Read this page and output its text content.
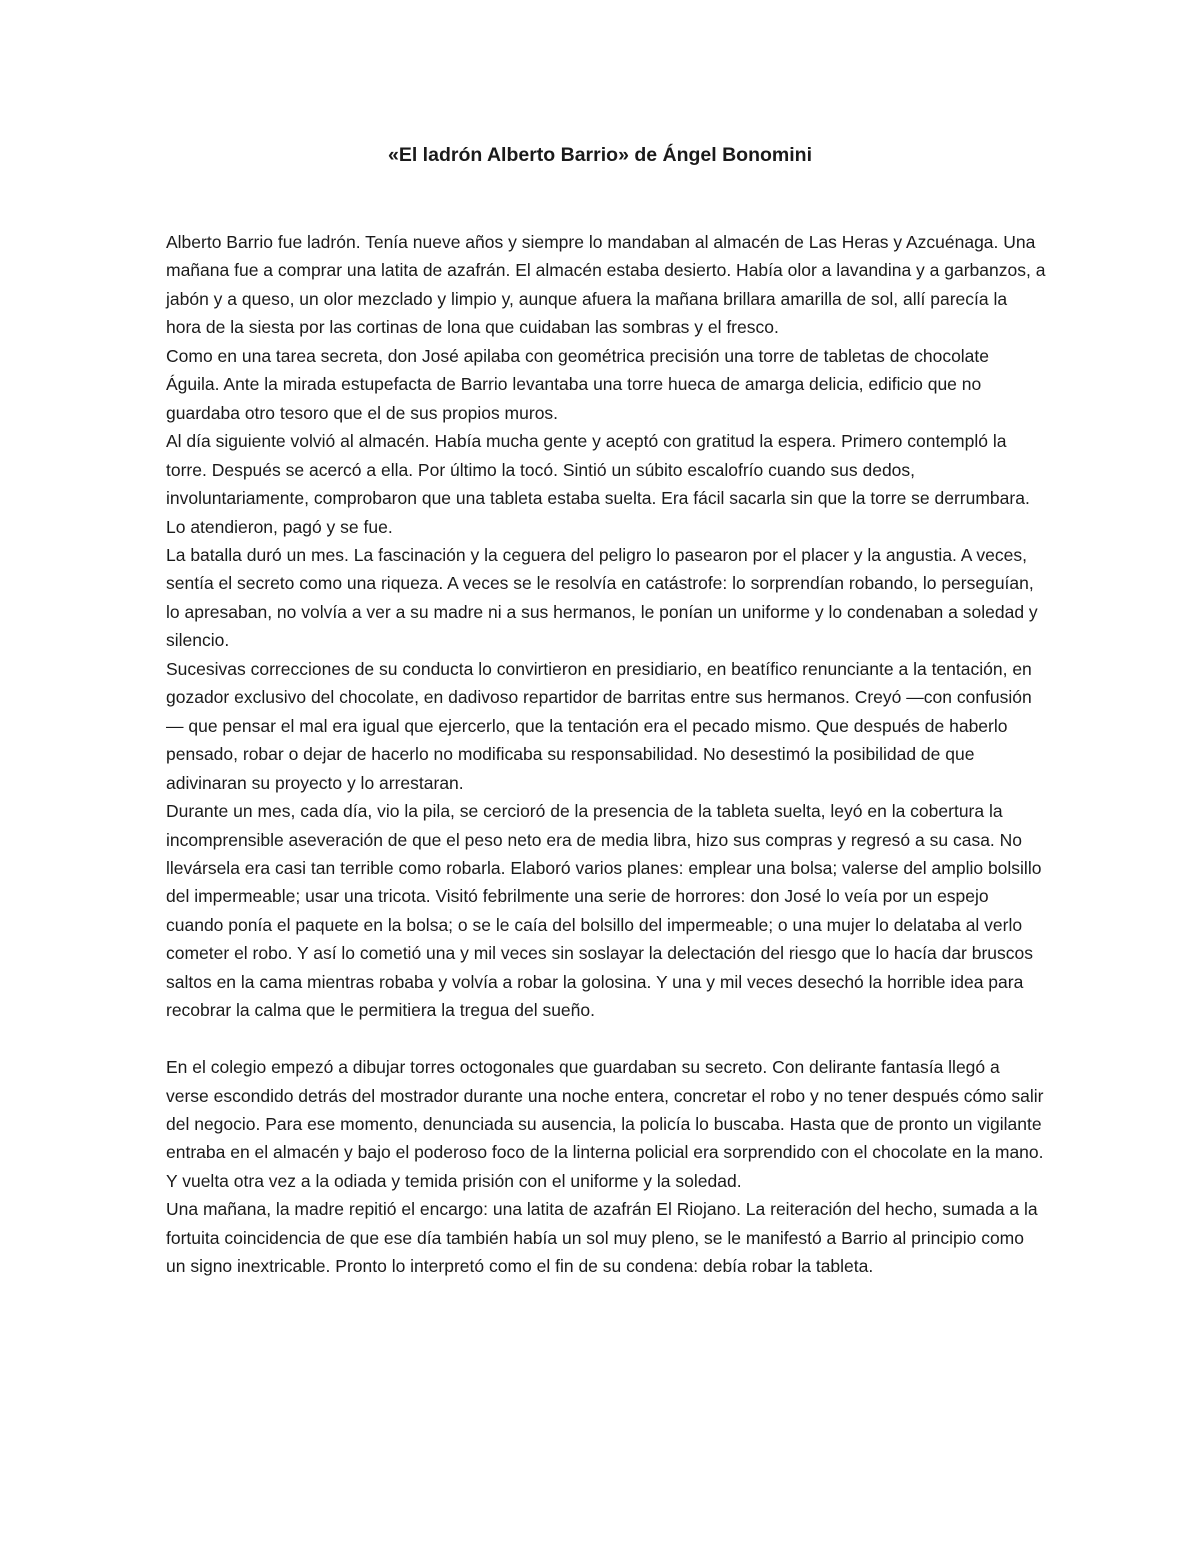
«El ladrón Alberto Barrio» de Ángel Bonomini

Alberto Barrio fue ladrón. Tenía nueve años y siempre lo mandaban al almacén de Las Heras y Azcuénaga. Una mañana fue a comprar una latita de azafrán. El almacén estaba desierto. Había olor a lavandina y a garbanzos, a jabón y a queso, un olor mezclado y limpio y, aunque afuera la mañana brillara amarilla de sol, allí parecía la hora de la siesta por las cortinas de lona que cuidaban las sombras y el fresco.

Como en una tarea secreta, don José apilaba con geométrica precisión una torre de tabletas de chocolate Águila. Ante la mirada estupefacta de Barrio levantaba una torre hueca de amarga delicia, edificio que no guardaba otro tesoro que el de sus propios muros.

Al día siguiente volvió al almacén. Había mucha gente y aceptó con gratitud la espera. Primero contempló la torre. Después se acercó a ella. Por último la tocó. Sintió un súbito escalofrío cuando sus dedos, involuntariamente, comprobaron que una tableta estaba suelta. Era fácil sacarla sin que la torre se derrumbara. Lo atendieron, pagó y se fue.

La batalla duró un mes. La fascinación y la ceguera del peligro lo pasearon por el placer y la angustia. A veces, sentía el secreto como una riqueza. A veces se le resolvía en catástrofe: lo sorprendían robando, lo perseguían, lo apresaban, no volvía a ver a su madre ni a sus hermanos, le ponían un uniforme y lo condenaban a soledad y silencio.

Sucesivas correcciones de su conducta lo convirtieron en presidiario, en beatífico renunciante a la tentación, en gozador exclusivo del chocolate, en dadivoso repartidor de barritas entre sus hermanos. Creyó —con confusión— que pensar el mal era igual que ejercerlo, que la tentación era el pecado mismo. Que después de haberlo pensado, robar o dejar de hacerlo no modificaba su responsabilidad. No desestimó la posibilidad de que adivinaran su proyecto y lo arrestaran.

Durante un mes, cada día, vio la pila, se cercioró de la presencia de la tableta suelta, leyó en la cobertura la incomprensible aseveración de que el peso neto era de media libra, hizo sus compras y regresó a su casa. No llevársela era casi tan terrible como robarla. Elaboró varios planes: emplear una bolsa; valerse del amplio bolsillo del impermeable; usar una tricota. Visitó febrilmente una serie de horrores: don José lo veía por un espejo cuando ponía el paquete en la bolsa; o se le caía del bolsillo del impermeable; o una mujer lo delataba al verlo cometer el robo. Y así lo cometió una y mil veces sin soslayar la delectación del riesgo que lo hacía dar bruscos saltos en la cama mientras robaba y volvía a robar la golosina. Y una y mil veces desechó la horrible idea para recobrar la calma que le permitiera la tregua del sueño.

En el colegio empezó a dibujar torres octogonales que guardaban su secreto. Con delirante fantasía llegó a verse escondido detrás del mostrador durante una noche entera, concretar el robo y no tener después cómo salir del negocio. Para ese momento, denunciada su ausencia, la policía lo buscaba. Hasta que de pronto un vigilante entraba en el almacén y bajo el poderoso foco de la linterna policial era sorprendido con el chocolate en la mano. Y vuelta otra vez a la odiada y temida prisión con el uniforme y la soledad.

Una mañana, la madre repitió el encargo: una latita de azafrán El Riojano. La reiteración del hecho, sumada a la fortuita coincidencia de que ese día también había un sol muy pleno, se le manifestó a Barrio al principio como un signo inextricable. Pronto lo interpretó como el fin de su condena: debía robar la tableta.
